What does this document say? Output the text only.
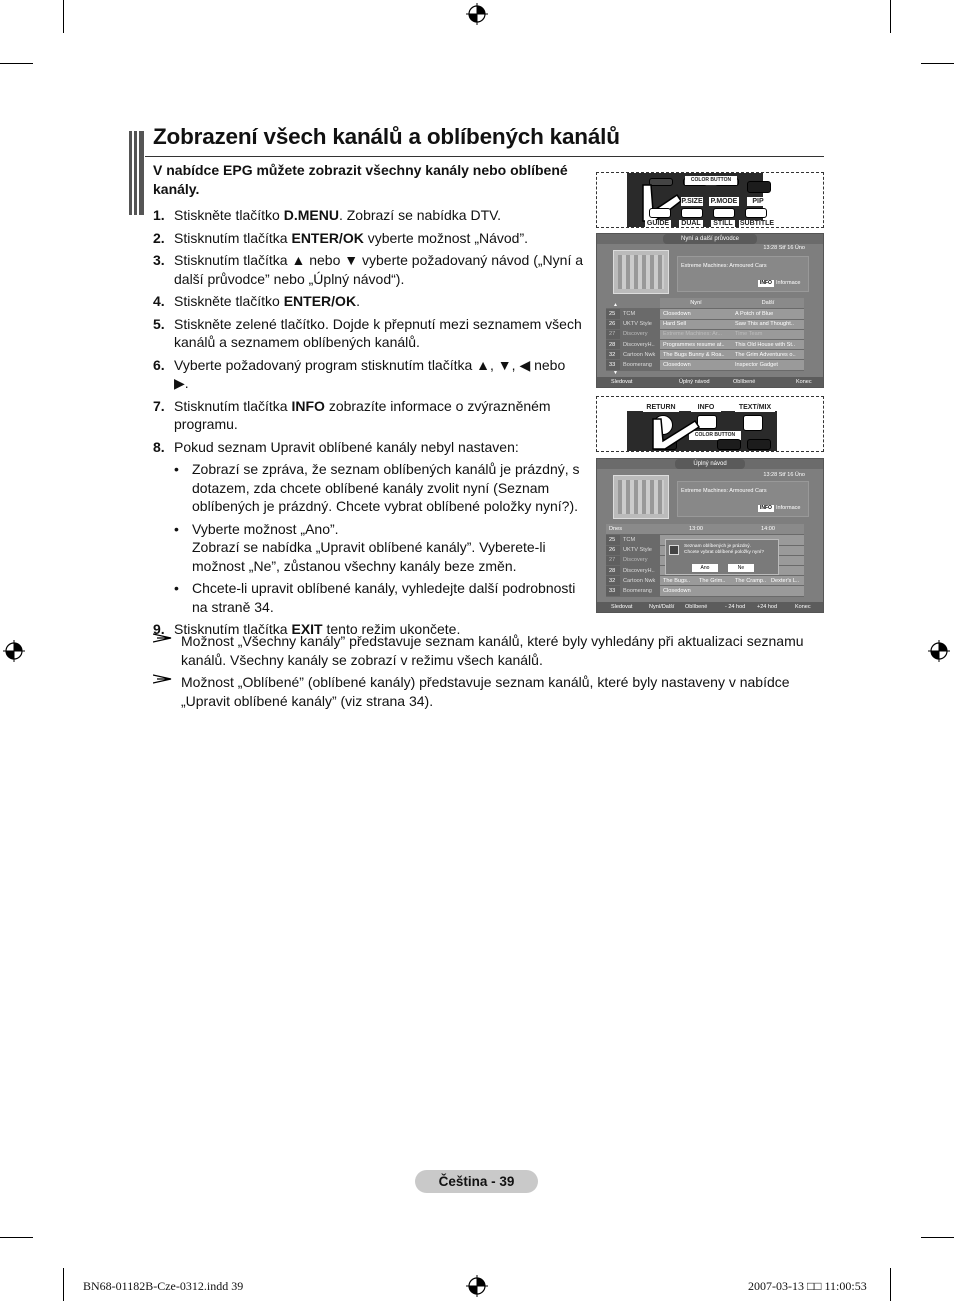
Zobrazení všech kanálů a oblíbených kanálů

V nabídce EPG můžete zobrazit všechny kanály nebo oblíbené kanály.

1. Stiskněte tlačítko D.MENU. Zobrazí se nabídka DTV.
2. Stisknutím tlačítka ENTER/OK vyberte možnost „Návod”.
3. Stisknutím tlačítka ▲ nebo ▼ vyberte požadovaný návod („Nyní a další průvodce” nebo „Úplný návod“).
4. Stiskněte tlačítko ENTER/OK.
5. Stiskněte zelené tlačítko. Dojde k přepnutí mezi seznamem všech kanálů a seznamem oblíbených kanálů.
6. Vyberte požadovaný program stisknutím tlačítka ▲, ▼, ◀ nebo ▶.
7. Stisknutím tlačítka INFO zobrazíte informace o zvýrazněném programu.
8. Pokud seznam Upravit oblíbené kanály nebyl nastaven:
• Zobrazí se zpráva, že seznam oblíbených kanálů je prázdný, s dotazem, zda chcete oblíbené kanály zvolit nyní (Seznam oblíbených je prázdný. Chcete vybrat oblíbené položky nyní?).
• Vyberte možnost „Ano”.
Zobrazí se nabídka „Upravit oblíbené kanály”. Vyberete-li možnost „Ne”, zůstanou všechny kanály beze změn.
• Chcete-li upravit oblíbené kanály, vyhledejte další podrobnosti na straně 34.
9. Stisknutím tlačítka EXIT tento režim ukončete.
Možnost „Všechny kanály” představuje seznam kanálů, které byly vyhledány při aktualizaci seznamu kanálů. Všechny kanály se zobrazí v režimu všech kanálů.
Možnost „Oblíbené” (oblíbené kanály) představuje seznam kanálů, které byly nastaveny v nabídce „Upravit oblíbené kanály” (viz strana 34).
COLOR BUTTON
P.SIZE P.MODE	PIP
GUIDE	DUAL	STILL	SUBTITLE
Nyní a další průvodce
13:28 Stř 16 Úno
Extreme Machines: Armoured Cars
INFO Informace
▲
			Nyní	Další
25	TCM	Closedown	A Potch of Blue
26	UKTV Style	Hard Sell	Saw This and Thought..
27	Discovery	Extreme Machines: Ar...	Time Team
28	DiscoveryH..	Programmes resume at..	This Old House with St..
32	Cartoon Nwk	The Bugs Bunny & Roa..	The Grim Adventures o..
33	Boomerang	Closedown	Inspector Gadget
▼
Sledovat	Úplný návod	Oblíbené	Konec
RETURN	INFO	TEXT/MIX
COLOR BUTTON
Úplný návod
13:28 Stř 16 Úno
Extreme Machines: Armoured Cars
INFO Informace
Dnes	13:00	14:00
25	TCM				
26	UKTV Style				
27	Discovery				
28	DiscoveryH..				
32	Cartoon Nwk	The Bugs..	The Grim..	The Cramp..	Dexter's L..
33	Boomerang	Closedown			
Seznam oblíbených je prázdný.
Chcete vybrat oblíbené položky nyní?
Ano	Ne
Sledovat	Nyní/Další Oblíbené	- 24 hod +24 hod	Konec
Čeština - 39
BN68-01182B-Cze-0312.indd 39	2007-03-13 □□ 11:00:53
